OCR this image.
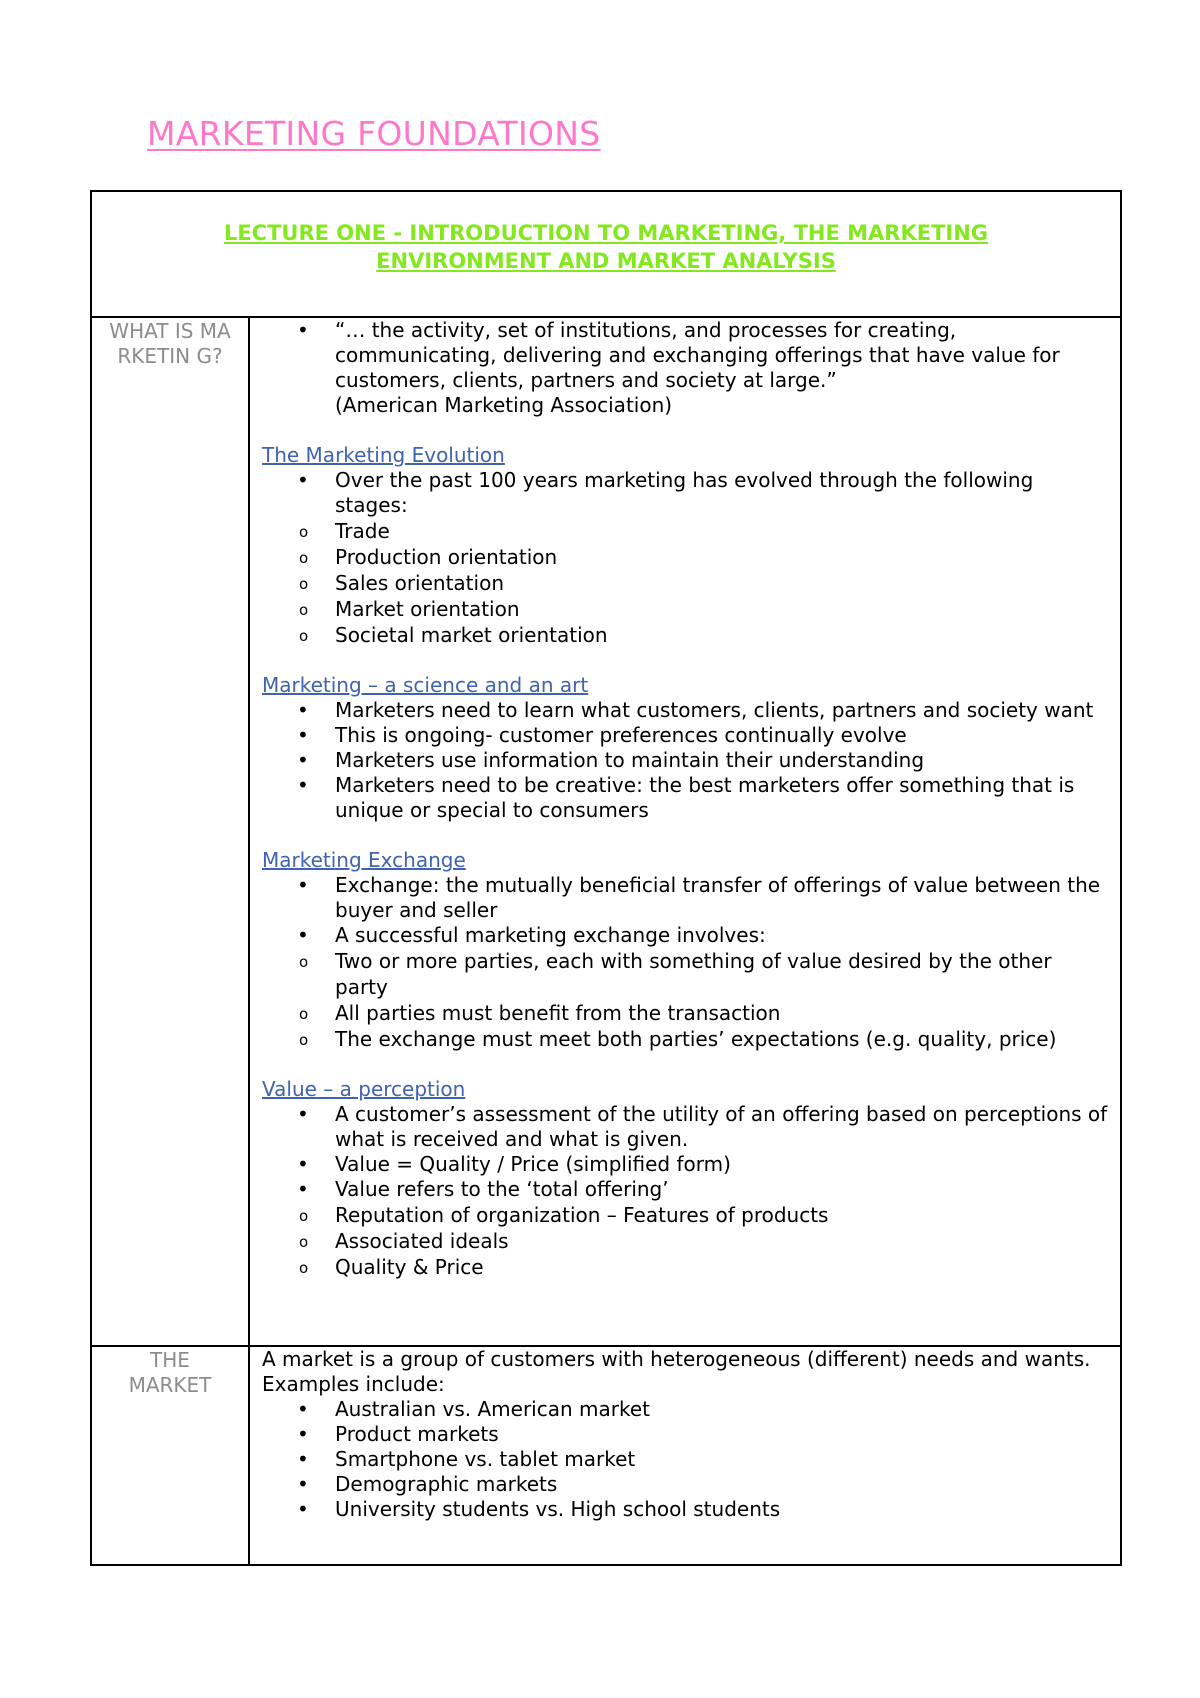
MARKETING FOUNDATIONS
LECTURE ONE - INTRODUCTION TO MARKETING, THE MARKETING ENVIRONMENT AND MARKET ANALYSIS
WHAT IS MARKETIN G?
• “… the activity, set of institutions, and processes for creating, communicating, delivering and exchanging offerings that have value for customers, clients, partners and society at large.”
(American Marketing Association)
The Marketing Evolution
• Over the past 100 years marketing has evolved through the following stages:
o Trade
o Production orientation
o Sales orientation
o Market orientation
o Societal market orientation
Marketing – a science and an art
• Marketers need to learn what customers, clients, partners and society want
• This is ongoing- customer preferences continually evolve
• Marketers use information to maintain their understanding
• Marketers need to be creative: the best marketers offer something that is unique or special to consumers
Marketing Exchange
• Exchange: the mutually beneficial transfer of offerings of value between the buyer and seller
• A successful marketing exchange involves:
o Two or more parties, each with something of value desired by the other party
o All parties must benefit from the transaction
o The exchange must meet both parties’ expectations (e.g. quality, price)
Value – a perception
• A customer’s assessment of the utility of an offering based on perceptions of what is received and what is given.
• Value = Quality / Price (simplified form)
• Value refers to the ‘total offering’
o Reputation of organization – Features of products
o Associated ideals
o Quality & Price
THE MARKET
A market is a group of customers with heterogeneous (different) needs and wants.
Examples include:
• Australian vs. American market
• Product markets
• Smartphone vs. tablet market
• Demographic markets
• University students vs. High school students
